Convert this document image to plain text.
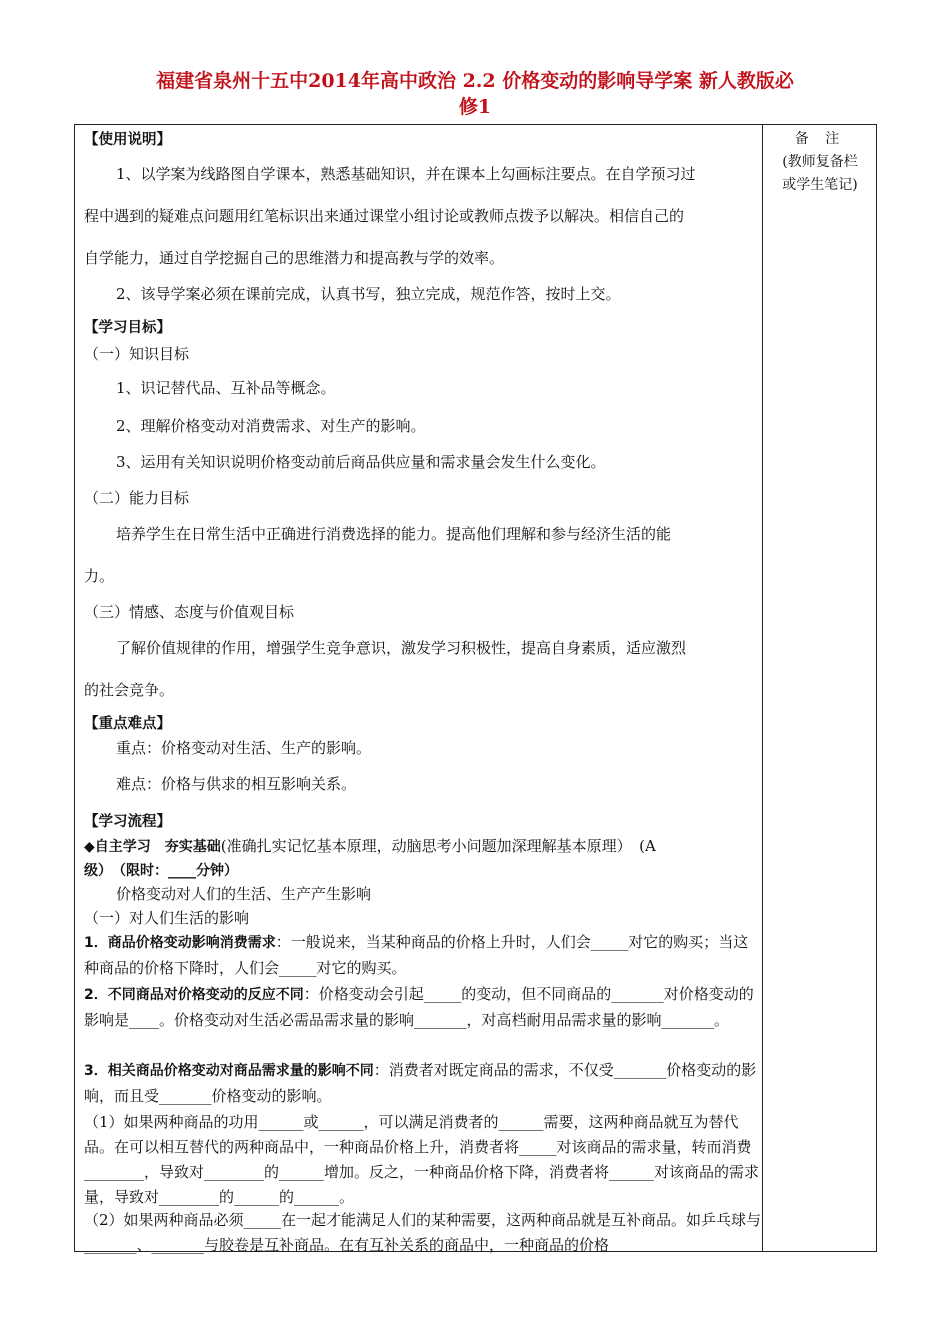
福建省泉州十五中2014年高中政治 2.2 价格变动的影响导学案 新人教版必
修1
备 注
(教师复备栏
或学生笔记)
【使用说明】
1、以学案为线路图自学课本，熟悉基础知识，并在课本上勾画标注要点。在自学预习过
程中遇到的疑难点问题用红笔标识出来通过课堂小组讨论或教师点拨予以解决。相信自己的
自学能力，通过自学挖掘自己的思维潜力和提高教与学的效率。
2、该导学案必须在课前完成，认真书写，独立完成，规范作答，按时上交。
【学习目标】
（一）知识目标
1、识记替代品、互补品等概念。
2、理解价格变动对消费需求、对生产的影响。
3、运用有关知识说明价格变动前后商品供应量和需求量会发生什么变化。
（二）能力目标
培养学生在日常生活中正确进行消费选择的能力。提高他们理解和参与经济生活的能
力。
（三）情感、态度与价值观目标
了解价值规律的作用，增强学生竞争意识，激发学习积极性，提高自身素质，适应激烈
的社会竞争。
【重点难点】
重点：价格变动对生活、生产的影响。
难点：价格与供求的相互影响关系。
【学习流程】
◆自主学习　夯实基础(准确扎实记忆基本原理，动脑思考小问题加深理解基本原理）　(A
级）　（限时：____分钟）
价格变动对人们的生活、生产产生影响
（一）对人们生活的影响
1．商品价格变动影响消费需求：一般说来，当某种商品的价格上升时，人们会_____对它的购买；当这种商品的价格下降时，人们会_____对它的购买。
2．不同商品对价格变动的反应不同：价格变动会引起_____的变动，但不同商品的_______对价格变动的影响是____。价格变动对生活必需品需求量的影响_______，对高档耐用品需求量的影响_______。
3．相关商品价格变动对商品需求量的影响不同：消费者对既定商品的需求，不仅受_______价格变动的影响，而且受_______价格变动的影响。
（1）如果两种商品的功用______或______，可以满足消费者的______需要，这两种商品就互为替代品。在可以相互替代的两种商品中，一种商品价格上升，消费者将_____对该商品的需求量，转而消费________，导致对________的______增加。反之，一种商品价格下降，消费者将______对该商品的需求量，导致对________的______的______。
（2）如果两种商品必须_____在一起才能满足人们的某种需要，这两种商品就是互补商品。如乒乓球与_______、_______与胶卷是互补商品。在有互补关系的商品中，一种商品的价格
